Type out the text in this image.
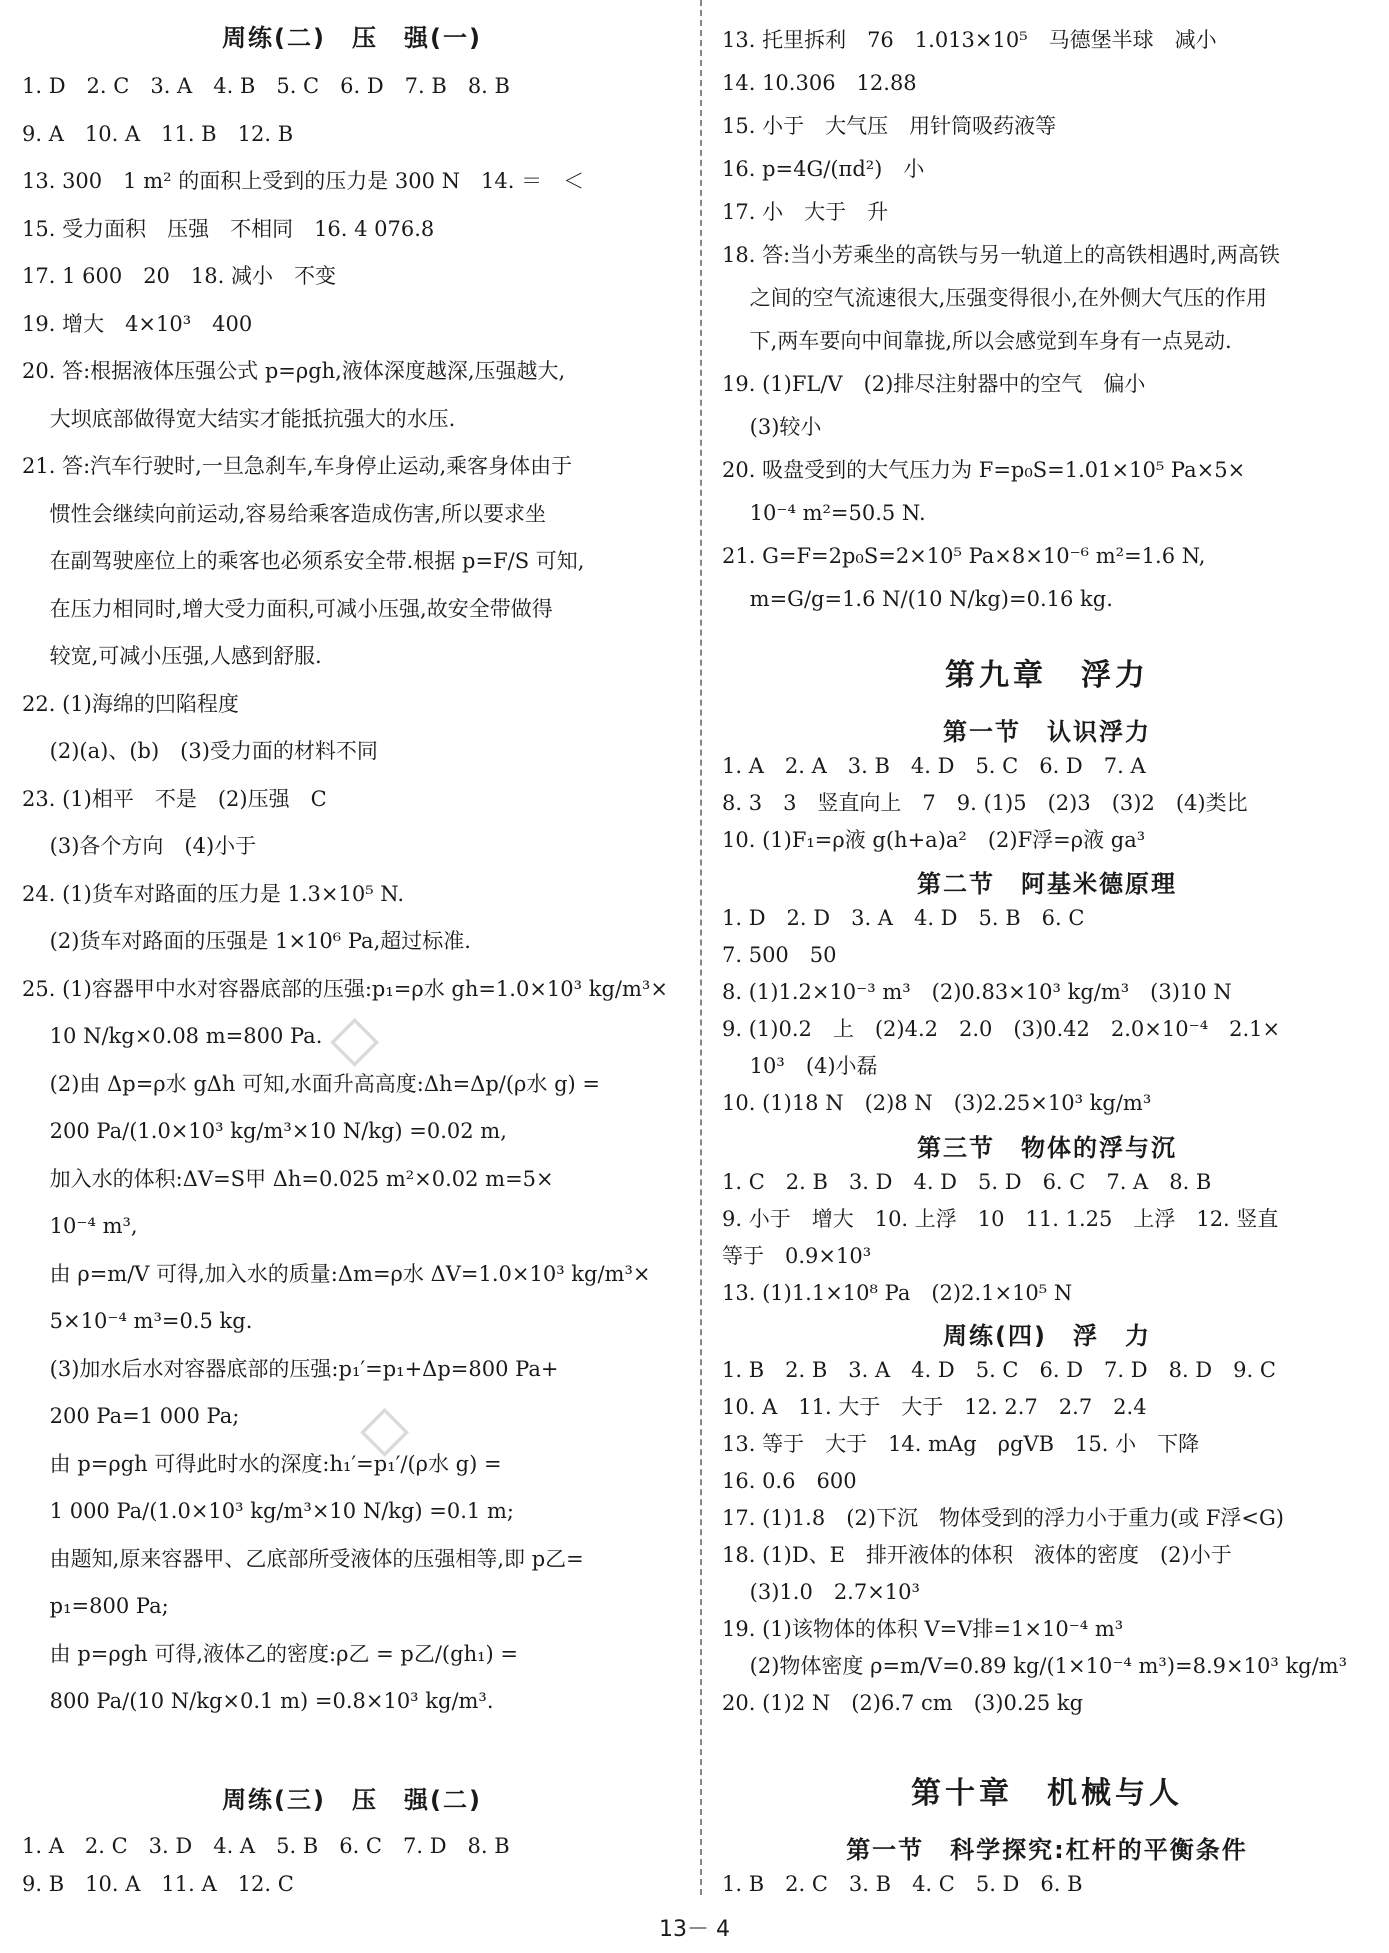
周练(二)　压　强(一)
1. D　2. C　3. A　4. B　5. C　6. D　7. B　8. B
9. A　10. A　11. B　12. B
13. 300　1 m² 的面积上受到的压力是 300 N　14. ＝　＜
15. 受力面积　压强　不相同　16. 4 076.8
17. 1 600　20　18. 减小　不变
19. 增大　4×10³　400
20. 答:根据液体压强公式 p=ρgh,液体深度越深,压强越大,
　 大坝底部做得宽大结实才能抵抗强大的水压.
21. 答:汽车行驶时,一旦急刹车,车身停止运动,乘客身体由于
　 惯性会继续向前运动,容易给乘客造成伤害,所以要求坐
　 在副驾驶座位上的乘客也必须系安全带.根据 p=F/S 可知,
　 在压力相同时,增大受力面积,可减小压强,故安全带做得
　 较宽,可减小压强,人感到舒服.
22. (1)海绵的凹陷程度
　 (2)(a)、(b)　(3)受力面的材料不同
23. (1)相平　不是　(2)压强　C
　 (3)各个方向　(4)小于
24. (1)货车对路面的压力是 1.3×10⁵ N.
　 (2)货车对路面的压强是 1×10⁶ Pa,超过标准.
25. (1)容器甲中水对容器底部的压强:p₁=ρ水 gh=1.0×10³ kg/m³×
　 10 N/kg×0.08 m=800 Pa.
　 (2)由 Δp=ρ水 gΔh 可知,水面升高高度:Δh=Δp/(ρ水 g) =
　 200 Pa/(1.0×10³ kg/m³×10 N/kg) =0.02 m,
　 加入水的体积:ΔV=S甲 Δh=0.025 m²×0.02 m=5×
　 10⁻⁴ m³,
　 由 ρ=m/V 可得,加入水的质量:Δm=ρ水 ΔV=1.0×10³ kg/m³×
　 5×10⁻⁴ m³=0.5 kg.
　 (3)加水后水对容器底部的压强:p₁′=p₁+Δp=800 Pa+
　 200 Pa=1 000 Pa;
　 由 p=ρgh 可得此时水的深度:h₁′=p₁′/(ρ水 g) =
　 1 000 Pa/(1.0×10³ kg/m³×10 N/kg) =0.1 m;
　 由题知,原来容器甲、乙底部所受液体的压强相等,即 p乙=
　 p₁=800 Pa;
　 由 p=ρgh 可得,液体乙的密度:ρ乙 = p乙/(gh₁) =
　 800 Pa/(10 N/kg×0.1 m) =0.8×10³ kg/m³.
周练(三)　压　强(二)
1. A　2. C　3. D　4. A　5. B　6. C　7. D　8. B
9. B　10. A　11. A　12. C
13. 托里拆利　76　1.013×10⁵　马德堡半球　减小
14. 10.306　12.88
15. 小于　大气压　用针筒吸药液等
16. p=4G/(πd²)　小
17. 小　大于　升
18. 答:当小芳乘坐的高铁与另一轨道上的高铁相遇时,两高铁
　 之间的空气流速很大,压强变得很小,在外侧大气压的作用
　 下,两车要向中间靠拢,所以会感觉到车身有一点晃动.
19. (1)FL/V　(2)排尽注射器中的空气　偏小
　 (3)较小
20. 吸盘受到的大气压力为 F=p₀S=1.01×10⁵ Pa×5×
　 10⁻⁴ m²=50.5 N.
21. G=F=2p₀S=2×10⁵ Pa×8×10⁻⁶ m²=1.6 N,
　 m=G/g=1.6 N/(10 N/kg)=0.16 kg.
第九章　浮力
第一节　认识浮力
1. A　2. A　3. B　4. D　5. C　6. D　7. A
8. 3　3　竖直向上　7　9. (1)5　(2)3　(3)2　(4)类比
10. (1)F₁=ρ液 g(h+a)a²　(2)F浮=ρ液 ga³
第二节　阿基米德原理
1. D　2. D　3. A　4. D　5. B　6. C
7. 500　50
8. (1)1.2×10⁻³ m³　(2)0.83×10³ kg/m³　(3)10 N
9. (1)0.2　上　(2)4.2　2.0　(3)0.42　2.0×10⁻⁴　2.1×
　 10³　(4)小磊
10. (1)18 N　(2)8 N　(3)2.25×10³ kg/m³
第三节　物体的浮与沉
1. C　2. B　3. D　4. D　5. D　6. C　7. A　8. B
9. 小于　增大　10. 上浮　10　11. 1.25　上浮　12. 竖直
等于　0.9×10³
13. (1)1.1×10⁸ Pa　(2)2.1×10⁵ N
周练(四)　浮　力
1. B　2. B　3. A　4. D　5. C　6. D　7. D　8. D　9. C
10. A　11. 大于　大于　12. 2.7　2.7　2.4
13. 等于　大于　14. mAg　ρgVB　15. 小　下降
16. 0.6　600
17. (1)1.8　(2)下沉　物体受到的浮力小于重力(或 F浮<G)
18. (1)D、E　排开液体的体积　液体的密度　(2)小于
　 (3)1.0　2.7×10³
19. (1)该物体的体积 V=V排=1×10⁻⁴ m³
　 (2)物体密度 ρ=m/V=0.89 kg/(1×10⁻⁴ m³)=8.9×10³ kg/m³
20. (1)2 N　(2)6.7 cm　(3)0.25 kg
第十章　机械与人
第一节　科学探究:杠杆的平衡条件
1. B　2. C　3. B　4. C　5. D　6. B
13－ 4
◇
◇
